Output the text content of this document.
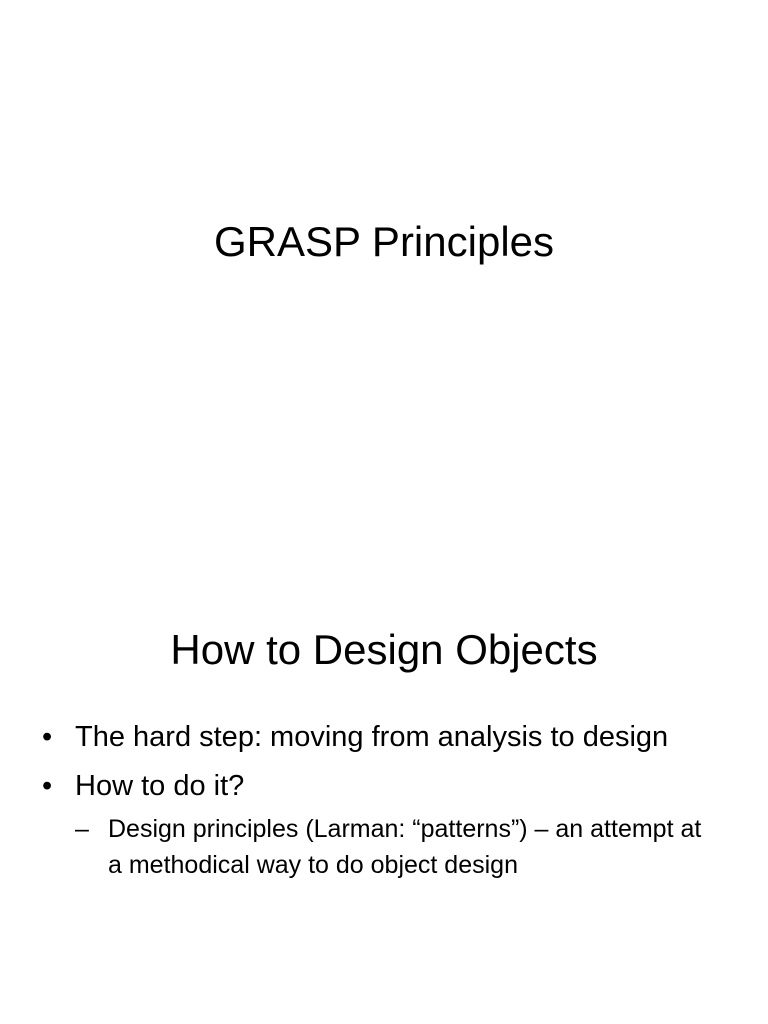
GRASP Principles
How to Design Objects
• The hard step: moving from analysis to design
• How to do it?
– Design principles (Larman: “patterns”) – an attempt at a methodical way to do object design
